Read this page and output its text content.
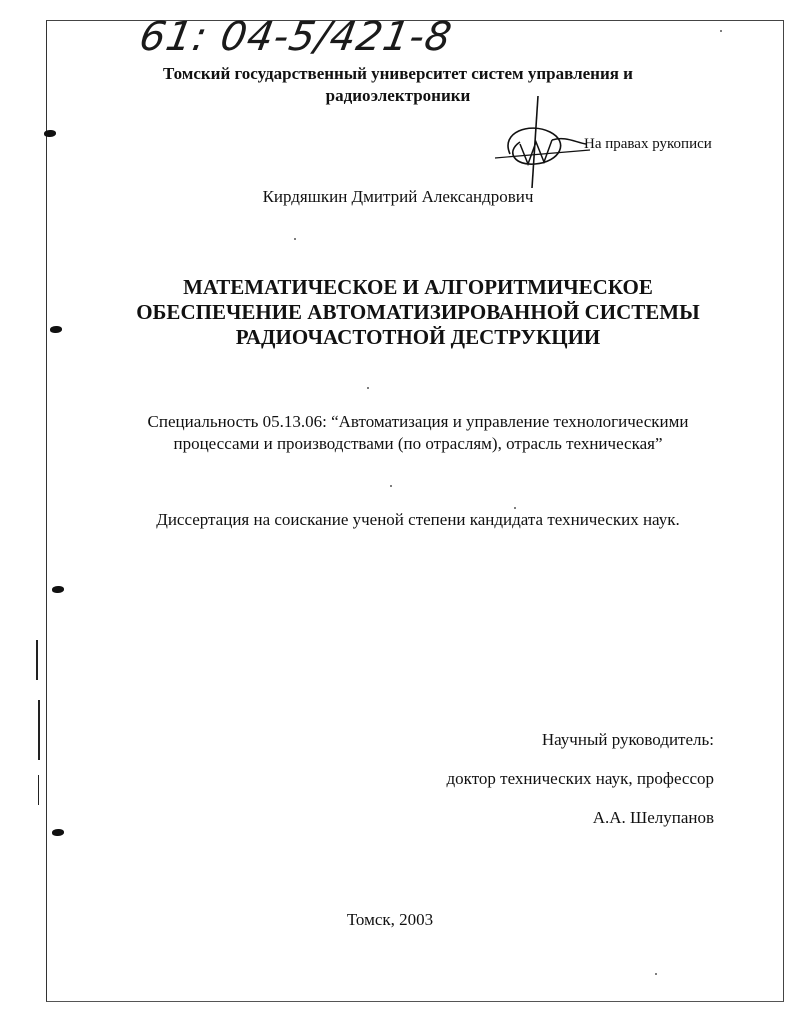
61: 04-5/421-8
Томский государственный университет систем управления и
радиоэлектроники
На правах рукописи
Кирдяшкин Дмитрий Александрович
МАТЕМАТИЧЕСКОЕ И АЛГОРИТМИЧЕСКОЕ
ОБЕСПЕЧЕНИЕ АВТОМАТИЗИРОВАННОЙ СИСТЕМЫ
РАДИОЧАСТОТНОЙ ДЕСТРУКЦИИ
Специальность 05.13.06: “Автоматизация и управление технологическими
процессами и производствами (по отраслям), отрасль техническая”
Диссертация на соискание ученой степени кандидата технических наук.
Научный руководитель:
доктор технических наук, профессор
А.А. Шелупанов
Томск, 2003
